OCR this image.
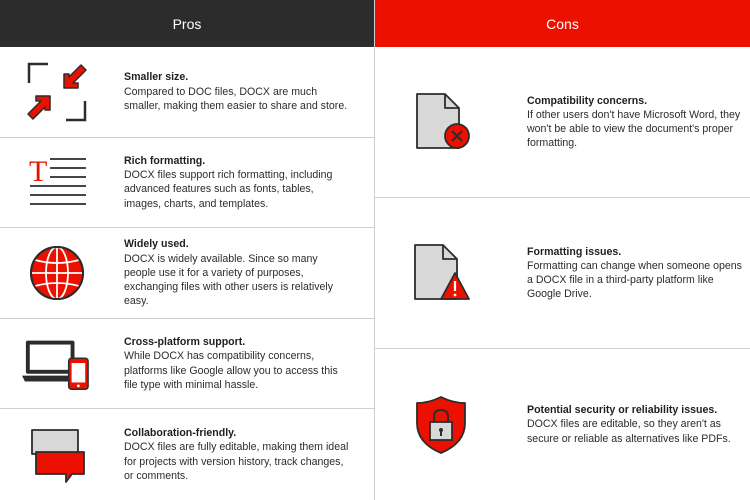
Pros
Smaller size.
Compared to DOC files, DOCX are much smaller, making them easier to share and store.
T	Rich formatting.
DOCX files support rich formatting, including advanced features such as fonts, tables, images, charts, and templates.
Widely used.
DOCX is widely available. Since so many people use it for a variety of purposes, exchanging files with other users is relatively easy.
Cross-platform support.
While DOCX has compatibility concerns, platforms like Google allow you to access this file type with minimal hassle.
Collaboration-friendly.
DOCX files are fully editable, making them ideal for projects with version history, track changes, or comments.
Cons
Compatibility concerns.
If other users don't have Microsoft Word, they won't be able to view the document's proper formatting.
Formatting issues.
Formatting can change when someone opens a DOCX file in a third-party platform like Google Drive.
Potential security or reliability issues.
DOCX files are editable, so they aren't as secure or reliable as alternatives like PDFs.
